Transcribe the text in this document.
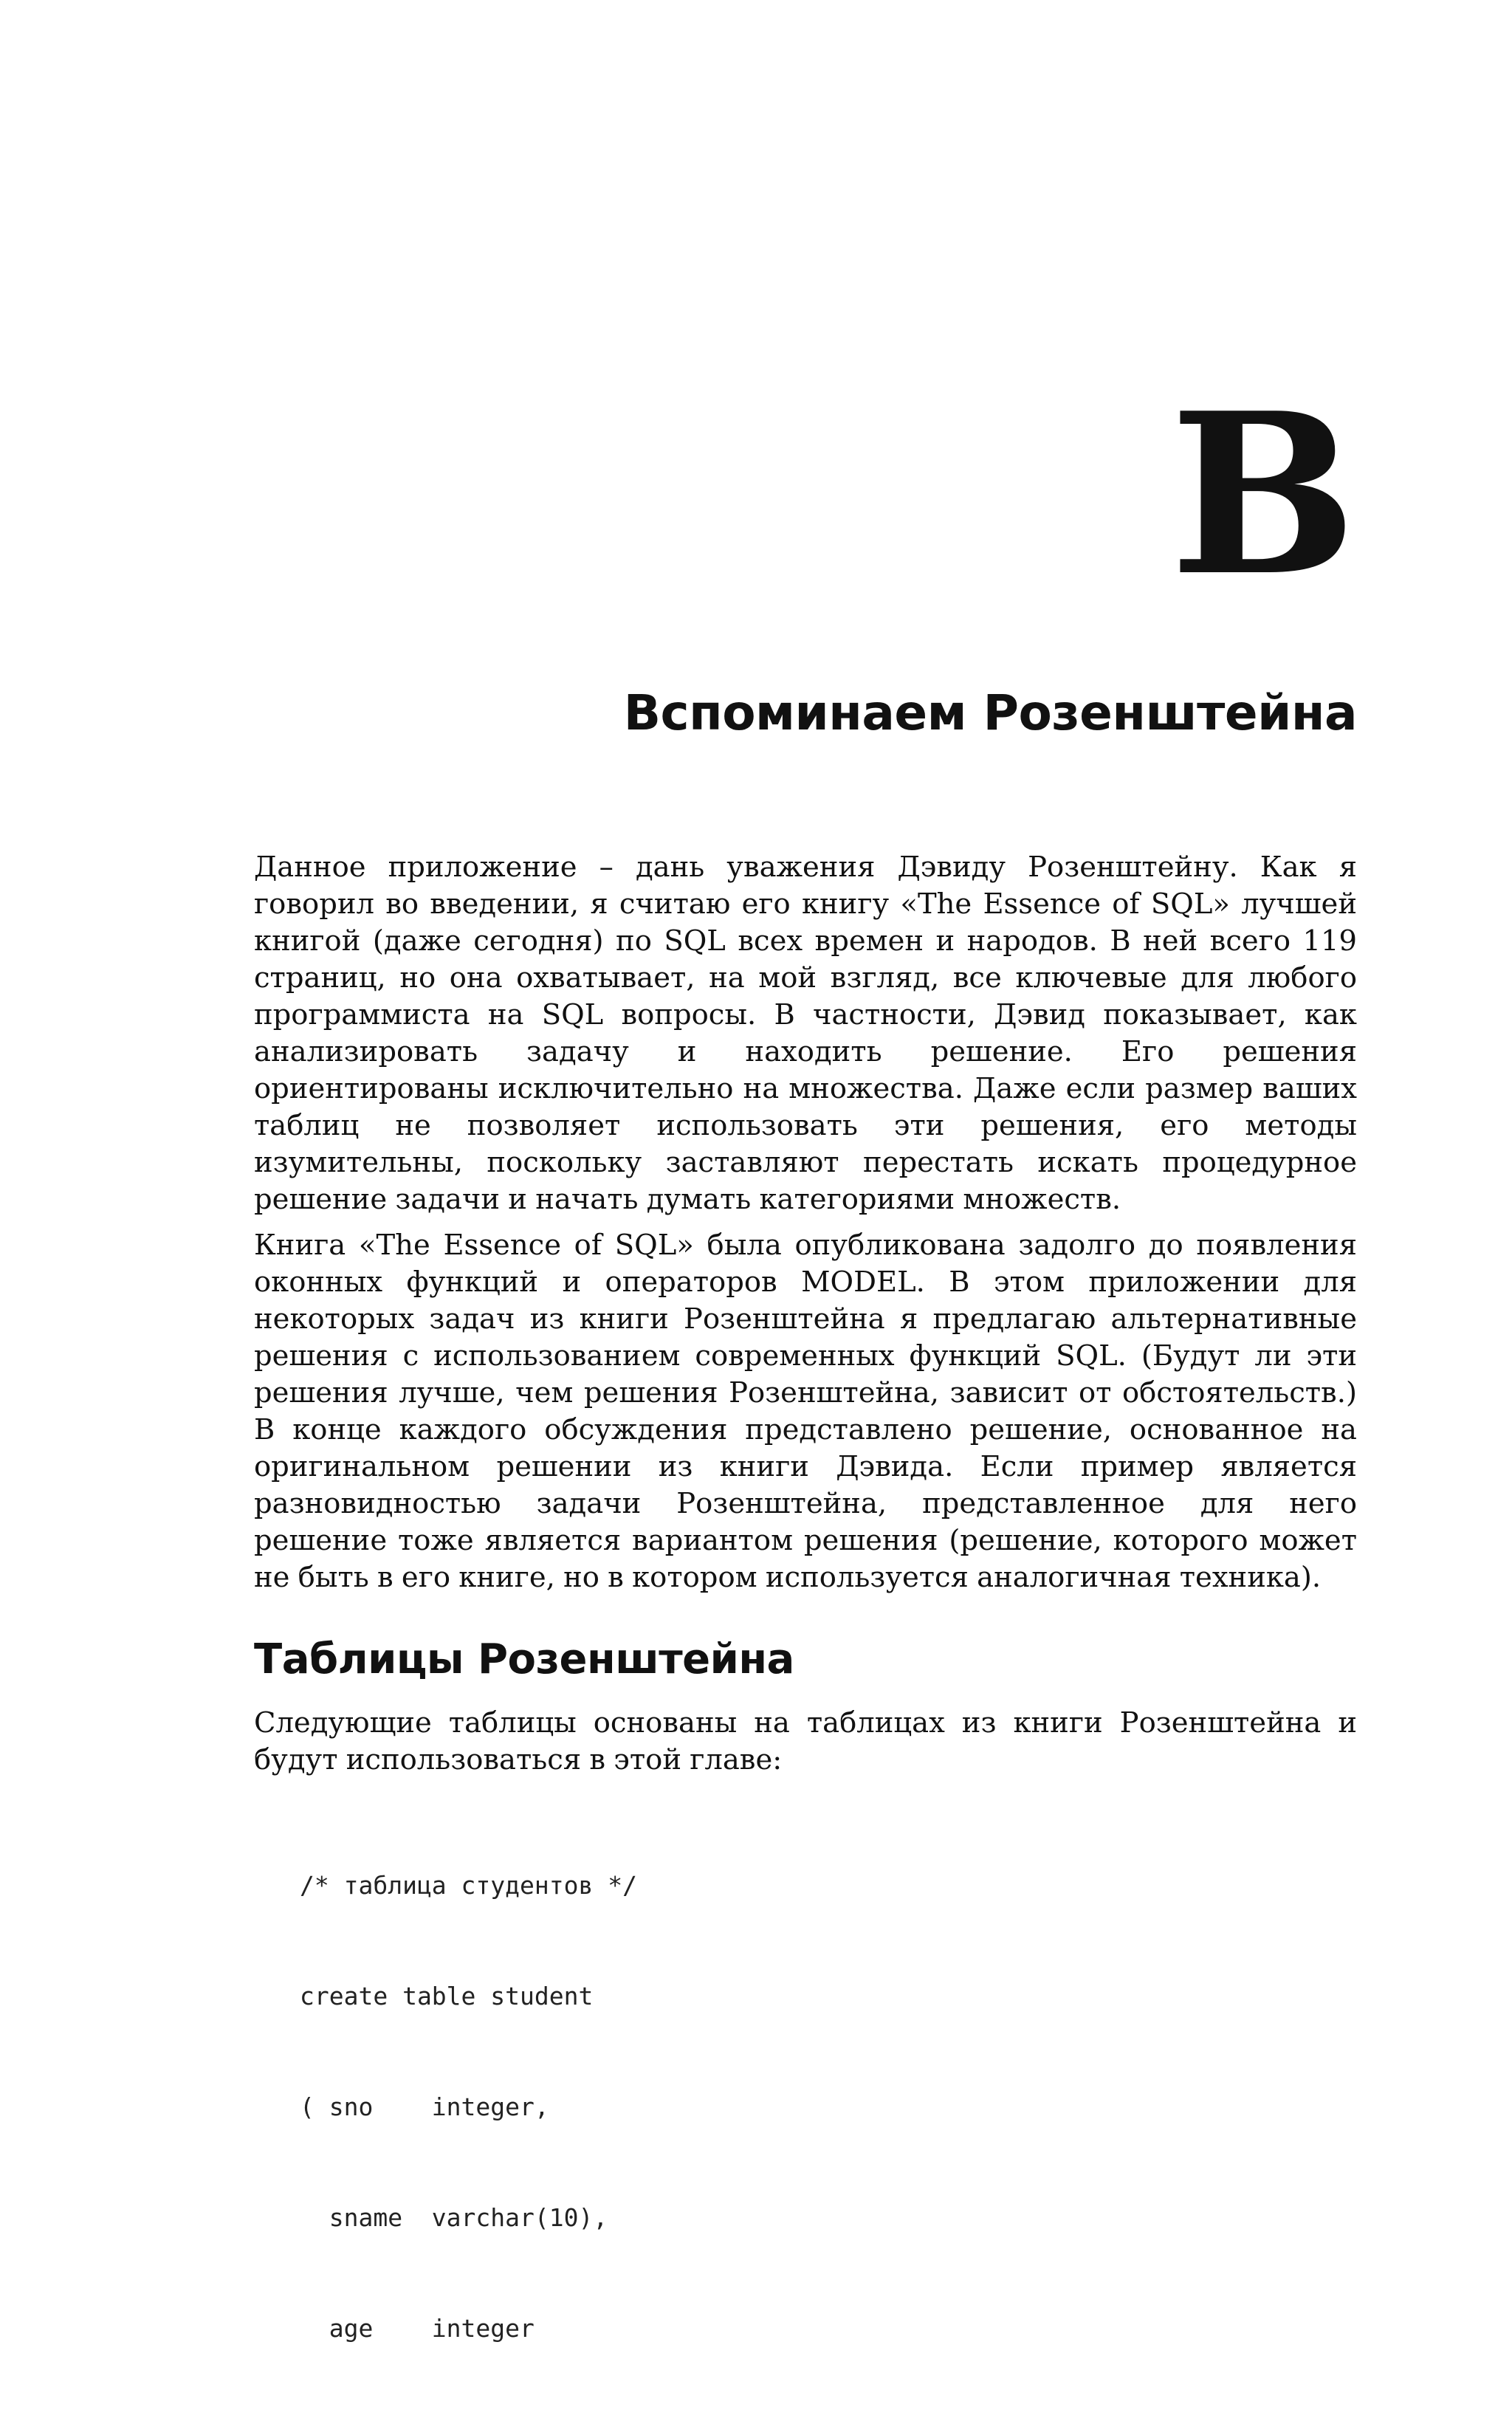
B
Вспоминаем Розенштейна

Данное приложение – дань уважения Дэвиду Розенштейну. Как я говорил во введении, я считаю его книгу «The Essence of SQL» лучшей книгой (даже сегодня) по SQL всех времен и народов. В ней всего 119 страниц, но она охватывает, на мой взгляд, все ключевые для любого программиста на SQL вопросы. В частности, Дэвид показывает, как анализировать задачу и находить решение. Его решения ориентированы исключительно на множества. Даже если размер ваших таблиц не позволяет использовать эти решения, его методы изумительны, поскольку заставляют перестать искать процедурное решение задачи и начать думать категориями множеств.

Книга «The Essence of SQL» была опубликована задолго до появления оконных функций и операторов MODEL. В этом приложении для некоторых задач из книги Розенштейна я предлагаю альтернативные решения с использованием современных функций SQL. (Будут ли эти решения лучше, чем решения Розенштейна, зависит от обстоятельств.) В конце каждого обсуждения представлено решение, основанное на оригинальном решении из книги Дэвида. Если пример является разновидностью задачи Розенштейна, представленное для него решение тоже является вариантом решения (решение, которого может не быть в его книге, но в котором используется аналогичная техника).

Таблицы Розенштейна

Следующие таблицы основаны на таблицах из книги Розенштейна и будут использоваться в этой главе:

/* таблица студентов */

create table student

( sno    integer,

sname  varchar(10),

age    integer
